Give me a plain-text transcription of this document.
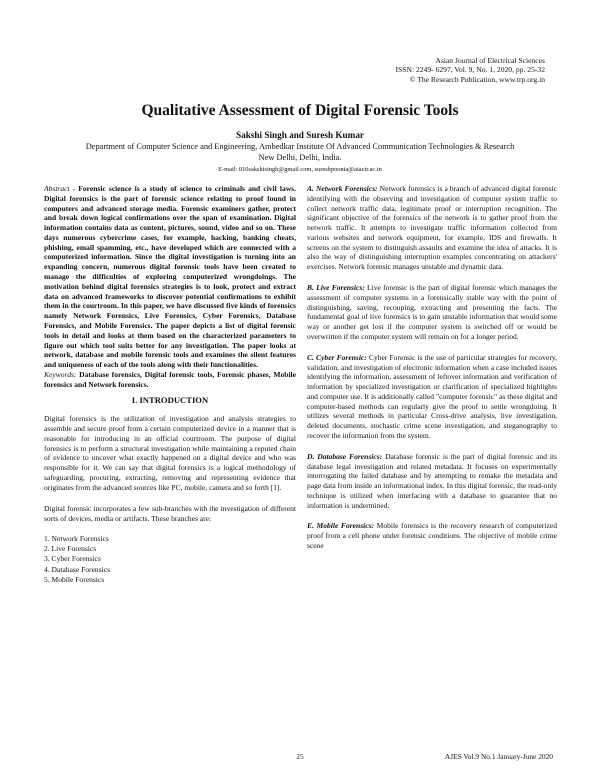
Asian Journal of Electrical Sciences
ISSN: 2249- 6297, Vol. 9, No. 1, 2020, pp. 25-32
© The Research Publication, www.trp.org.in
Qualitative Assessment of Digital Forensic Tools
Sakshi Singh and Suresh Kumar
Department of Computer Science and Engineering, Ambedkar Institute Of Advanced Communication Technologies & Research
New Delhi, Delhi, India.
E-mail: 010sakshisingh@gmail.com, sureshpoonia@aiactr.ac.in

Abstract - Forensic science is a study of science to criminals and civil laws. Digital forensics is the part of forensic science relating to proof found in computers and advanced storage media. Forensic examiners gather, protect and break down logical confirmations over the span of examination. Digital information contains data as content, pictures, sound, video and so on. These days numerous cybercrime cases, for example, hacking, banking cheats, phishing, email spamming, etc., have developed which are connected with a computerized information. Since the digital investigation is turning into an expanding concern, numerous digital forensic tools have been created to manage the difficulties of exploring computerized wrongdoings. The motivation behind digital forensics strategies is to look, protect and extract data on advanced frameworks to discover potential confirmations to exhibit them in the courtroom. In this paper, we have discussed five kinds of forensics namely Network Forensics, Live Forensics, Cyber Forensics, Database Forensics, and Mobile Forensics. The paper depicts a list of digital forensic tools in detail and looks at them based on the characterized parameters to figure out which tool suits better for any investigation. The paper looks at network, database and mobile forensic tools and examines the silent features and uniqueness of each of the tools along with their functionalities.

Keywords: Database forensics, Digital forensic tools, Forensic phases, Mobile forensics and Network forensics.

I. INTRODUCTION

Digital forensics is the utilization of investigation and analysis strategies to assemble and secure proof from a certain computerized device in a manner that is reasonable for introducing in an official courtroom. The purpose of digital forensics is to perform a structural investigation while maintaining a reputed chain of evidence to uncover what exactly happened on a digital device and who was responsible for it. We can say that digital forensics is a logical methodology of safeguarding, procuring, extracting, removing and representing evidence that originates from the advanced sources like PC, mobile, camera and so forth [1].

Digital forensic incorporates a few sub-branches with the investigation of different sorts of devices, media or artifacts. These branches are:

1. Network Forensics
2. Live Forensics
3. Cyber Forensics
4. Database Forensics
5. Mobile Forensics

A. Network Forensics: Network forensics is a branch of advanced digital forensic identifying with the observing and investigation of computer system traffic to collect network traffic data, legitimate proof or interruption recognition. The significant objective of the forensics of the network is to gather proof from the network traffic. It attempts to investigate traffic information collected from various websites and network equipment, for example, IDS and firewalls. It screens on the system to distinguish assaults and examine the idea of attacks. It is also the way of distinguishing interruption examples concentrating on attackers' exercises. Network forensic manages unstable and dynamic data.

B. Live Forensics: Live forensic is the part of digital forensic which manages the assessment of computer systems in a forensically stable way with the point of distinguishing, saving, recouping, extracting and presenting the facts. The fundamental goal of live forensics is to gain unstable information that would some way or another get lost if the computer system is switched off or would be overwritten if the computer system will remain on for a longer period.

C. Cyber Forensic: Cyber Forensic is the use of particular strategies for recovery, validation, and investigation of electronic information when a case included issues identifying the information, assessment of leftover information and verification of information by specialized investigation or clarification of specialized highlights and computer use. It is additionally called "computer forensic" as these digital and computer-based methods can regularly give the proof to settle wrongdoing. It utilizes several methods in particular Cross-drive analysis, live investigation, deleted documents, stochastic crime scene investigation, and steganography to recover the information from the system.

D. Database Forensics: Database forensic is the part of digital forensic and its database legal investigation and related metadata. It focuses on experimentally interrogating the failed database and by attempting to remake the metadata and page data from inside an informational index. In this digital forensic, the read-only technique is utilized when interfacing with a database to guarantee that no information is undermined.

E. Mobile Forensics: Mobile forensics is the recovery research of computerized proof from a cell phone under forensic conditions. The objective of mobile crime scene

25	AJES Vol.9 No.1 January-June 2020
